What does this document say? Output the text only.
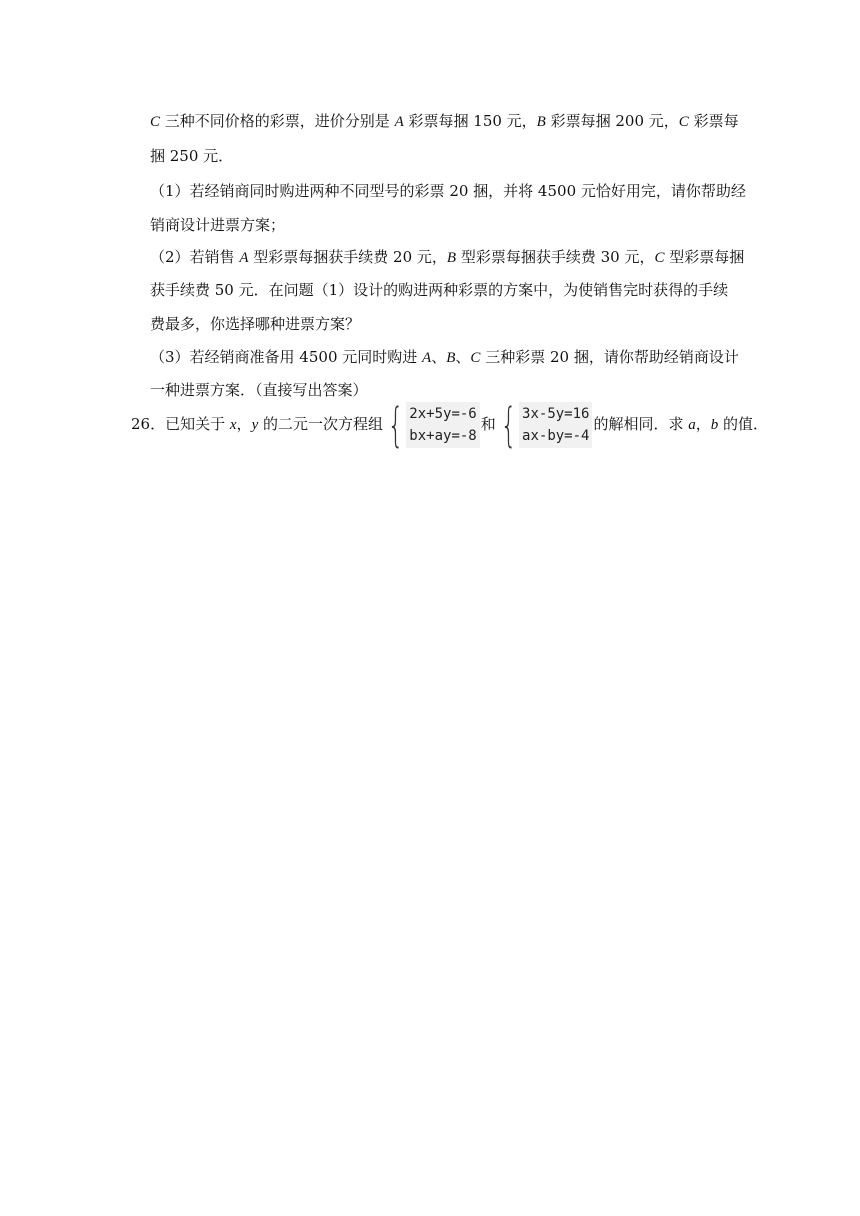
C 三种不同价格的彩票，进价分别是 A 彩票每捆 150 元，B 彩票每捆 200 元，C 彩票每
捆 250 元．
（1）若经销商同时购进两种不同型号的彩票 20 捆，并将 4500 元恰好用完，请你帮助经
销商设计进票方案；
（2）若销售 A 型彩票每捆获手续费 20 元，B 型彩票每捆获手续费 30 元，C 型彩票每捆
获手续费 50 元．在问题（1）设计的购进两种彩票的方案中，为使销售完时获得的手续
费最多，你选择哪种进票方案？
（3）若经销商准备用 4500 元同时购进 A、B、C 三种彩票 20 捆，请你帮助经销商设计
一种进票方案．（直接写出答案）
26．已知关于 x，y 的二元一次方程组 { 2x+5y=-6
bx+ay=-8
和 { 3x-5y=16
ax-by=-4
的解相同．求 a，b 的值．
